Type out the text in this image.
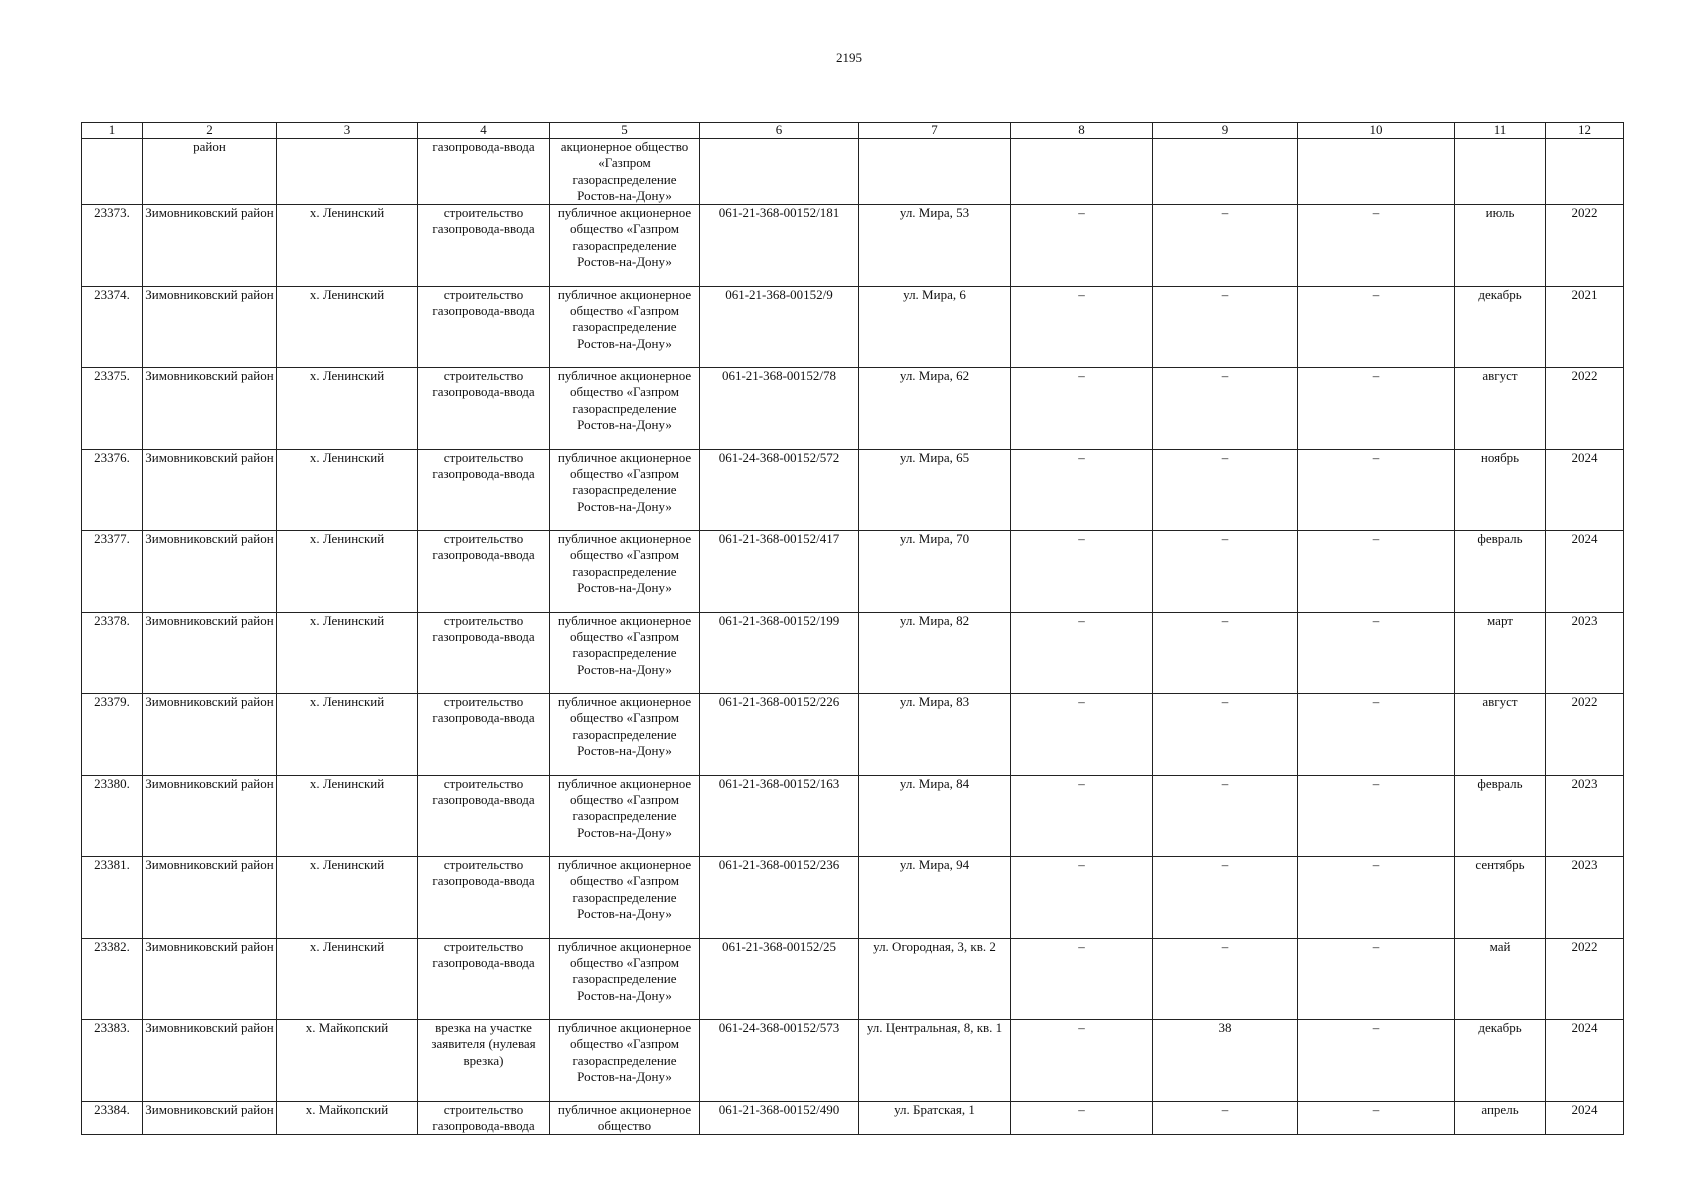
2195
1	2	3	4	5	6	7	8	9	10	11	12
	район		газопровода-ввода	акционерное общество «Газпром газораспределение Ростов-на-Дону»							
23373.	Зимовниковский район	х. Ленинский	строительство газопровода-ввода	публичное акционерное общество «Газпром газораспределение Ростов-на-Дону»	061-21-368-00152/181	ул. Мира, 53	–	–	–	июль	2022
23374.	Зимовниковский район	х. Ленинский	строительство газопровода-ввода	публичное акционерное общество «Газпром газораспределение Ростов-на-Дону»	061-21-368-00152/9	ул. Мира, 6	–	–	–	декабрь	2021
23375.	Зимовниковский район	х. Ленинский	строительство газопровода-ввода	публичное акционерное общество «Газпром газораспределение Ростов-на-Дону»	061-21-368-00152/78	ул. Мира, 62	–	–	–	август	2022
23376.	Зимовниковский район	х. Ленинский	строительство газопровода-ввода	публичное акционерное общество «Газпром газораспределение Ростов-на-Дону»	061-24-368-00152/572	ул. Мира, 65	–	–	–	ноябрь	2024
23377.	Зимовниковский район	х. Ленинский	строительство газопровода-ввода	публичное акционерное общество «Газпром газораспределение Ростов-на-Дону»	061-21-368-00152/417	ул. Мира, 70	–	–	–	февраль	2024
23378.	Зимовниковский район	х. Ленинский	строительство газопровода-ввода	публичное акционерное общество «Газпром газораспределение Ростов-на-Дону»	061-21-368-00152/199	ул. Мира, 82	–	–	–	март	2023
23379.	Зимовниковский район	х. Ленинский	строительство газопровода-ввода	публичное акционерное общество «Газпром газораспределение Ростов-на-Дону»	061-21-368-00152/226	ул. Мира, 83	–	–	–	август	2022
23380.	Зимовниковский район	х. Ленинский	строительство газопровода-ввода	публичное акционерное общество «Газпром газораспределение Ростов-на-Дону»	061-21-368-00152/163	ул. Мира, 84	–	–	–	февраль	2023
23381.	Зимовниковский район	х. Ленинский	строительство газопровода-ввода	публичное акционерное общество «Газпром газораспределение Ростов-на-Дону»	061-21-368-00152/236	ул. Мира, 94	–	–	–	сентябрь	2023
23382.	Зимовниковский район	х. Ленинский	строительство газопровода-ввода	публичное акционерное общество «Газпром газораспределение Ростов-на-Дону»	061-21-368-00152/25	ул. Огородная, 3, кв. 2	–	–	–	май	2022
23383.	Зимовниковский район	х. Майкопский	врезка на участке заявителя (нулевая врезка)	публичное акционерное общество «Газпром газораспределение Ростов-на-Дону»	061-24-368-00152/573	ул. Центральная, 8, кв. 1	–	38	–	декабрь	2024
23384.	Зимовниковский район	х. Майкопский	строительство газопровода-ввода	публичное акционерное общество	061-21-368-00152/490	ул. Братская, 1	–	–	–	апрель	2024
